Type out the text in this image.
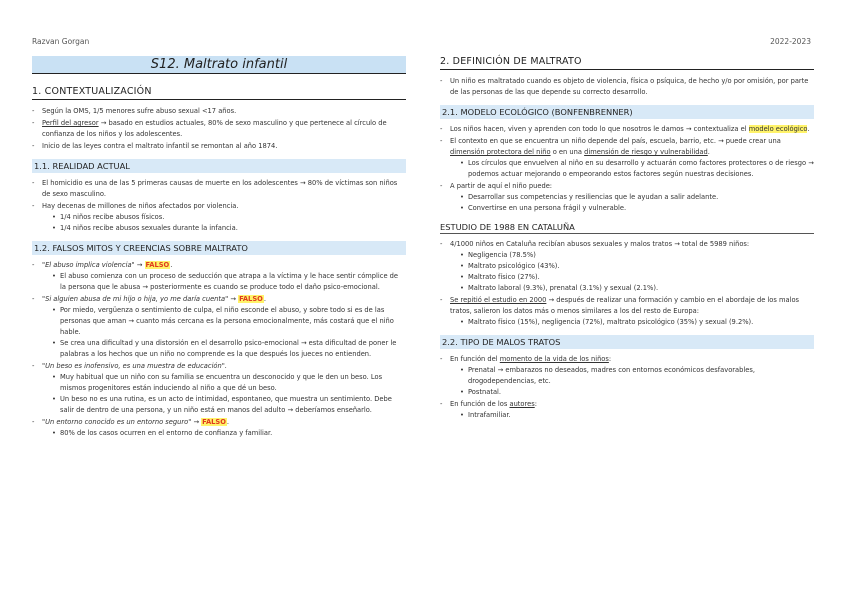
Razvan Gorgan	2022-2023
S12. Maltrato infantil
1. CONTEXTUALIZACIÓN
- Según la OMS, 1/5 menores sufre abuso sexual <17 años.
- Perfil del agresor → basado en estudios actuales, 80% de sexo masculino y que pertenece al círculo de confianza de los niños y los adolescentes.
- Inicio de las leyes contra el maltrato infantil se remontan al año 1874.
1.1. REALIDAD ACTUAL
- El homicidio es una de las 5 primeras causas de muerte en los adolescentes → 80% de víctimas son niños de sexo masculino.
- Hay decenas de millones de niños afectados por violencia.
• 1/4 niños recibe abusos físicos.
• 1/4 niños recibe abusos sexuales durante la infancia.
1.2. FALSOS MITOS Y CREENCIAS SOBRE MALTRATO
- "El abuso implica violencia" → FALSO.
• El abuso comienza con un proceso de seducción que atrapa a la víctima y le hace sentir cómplice de la persona que le abusa → posteriormente es cuando se produce todo el daño psico-emocional.
- "Si alguien abusa de mi hijo o hija, yo me daría cuenta" → FALSO.
• Por miedo, vergüenza o sentimiento de culpa, el niño esconde el abuso, y sobre todo si es de las personas que aman → cuanto más cercana es la persona emocionalmente, más costará que el niño hable.
• Se crea una dificultad y una distorsión en el desarrollo psico-emocional → esta dificultad de poner le palabras a los hechos que un niño no comprende es la que después los jueces no entienden.
- "Un beso es inofensivo, es una muestra de educación".
• Muy habitual que un niño con su familia se encuentra un desconocido y que le den un beso. Los mismos progenitores están induciendo al niño a que dé un beso.
• Un beso no es una rutina, es un acto de intimidad, espontaneo, que muestra un sentimiento. Debe salir de dentro de una persona, y un niño está en manos del adulto → deberíamos enseñarlo.
- "Un entorno conocido es un entorno seguro" → FALSO.
• 80% de los casos ocurren en el entorno de confianza y familiar.
2. DEFINICIÓN DE MALTRATO
- Un niño es maltratado cuando es objeto de violencia, física o psíquica, de hecho y/o por omisión, por parte de las personas de las que depende su correcto desarrollo.
2.1. MODELO ECOLÓGICO (BONFENBRENNER)
- Los niños hacen, viven y aprenden con todo lo que nosotros le damos → contextualiza el modelo ecológico.
- El contexto en que se encuentra un niño depende del país, escuela, barrio, etc. → puede crear una dimensión protectora del niño o en una dimensión de riesgo y vulnerabilidad.
• Los círculos que envuelven al niño en su desarrollo y actuarán como factores protectores o de riesgo → podemos actuar mejorando o empeorando estos factores según nuestras decisiones.
- A partir de aquí el niño puede:
• Desarrollar sus competencias y resiliencias que le ayudan a salir adelante.
• Convertirse en una persona frágil y vulnerable.
ESTUDIO DE 1988 EN CATALUÑA
- 4/1000 niños en Cataluña recibían abusos sexuales y malos tratos → total de 5989 niños:
• Negligencia (78.5%)
• Maltrato psicológico (43%).
• Maltrato físico (27%).
• Maltrato laboral (9.3%), prenatal (3.1%) y sexual (2.1%).
- Se repitió el estudio en 2000 → después de realizar una formación y cambio en el abordaje de los malos tratos, salieron los datos más o menos similares a los del resto de Europa:
• Maltrato físico (15%), negligencia (72%), maltrato psicológico (35%) y sexual (9.2%).
2.2. TIPO DE MALOS TRATOS
- En función del momento de la vida de los niños:
• Prenatal → embarazos no deseados, madres con entornos económicos desfavorables, drogodependencias, etc.
• Postnatal.
- En función de los autores:
• Intrafamiliar.
